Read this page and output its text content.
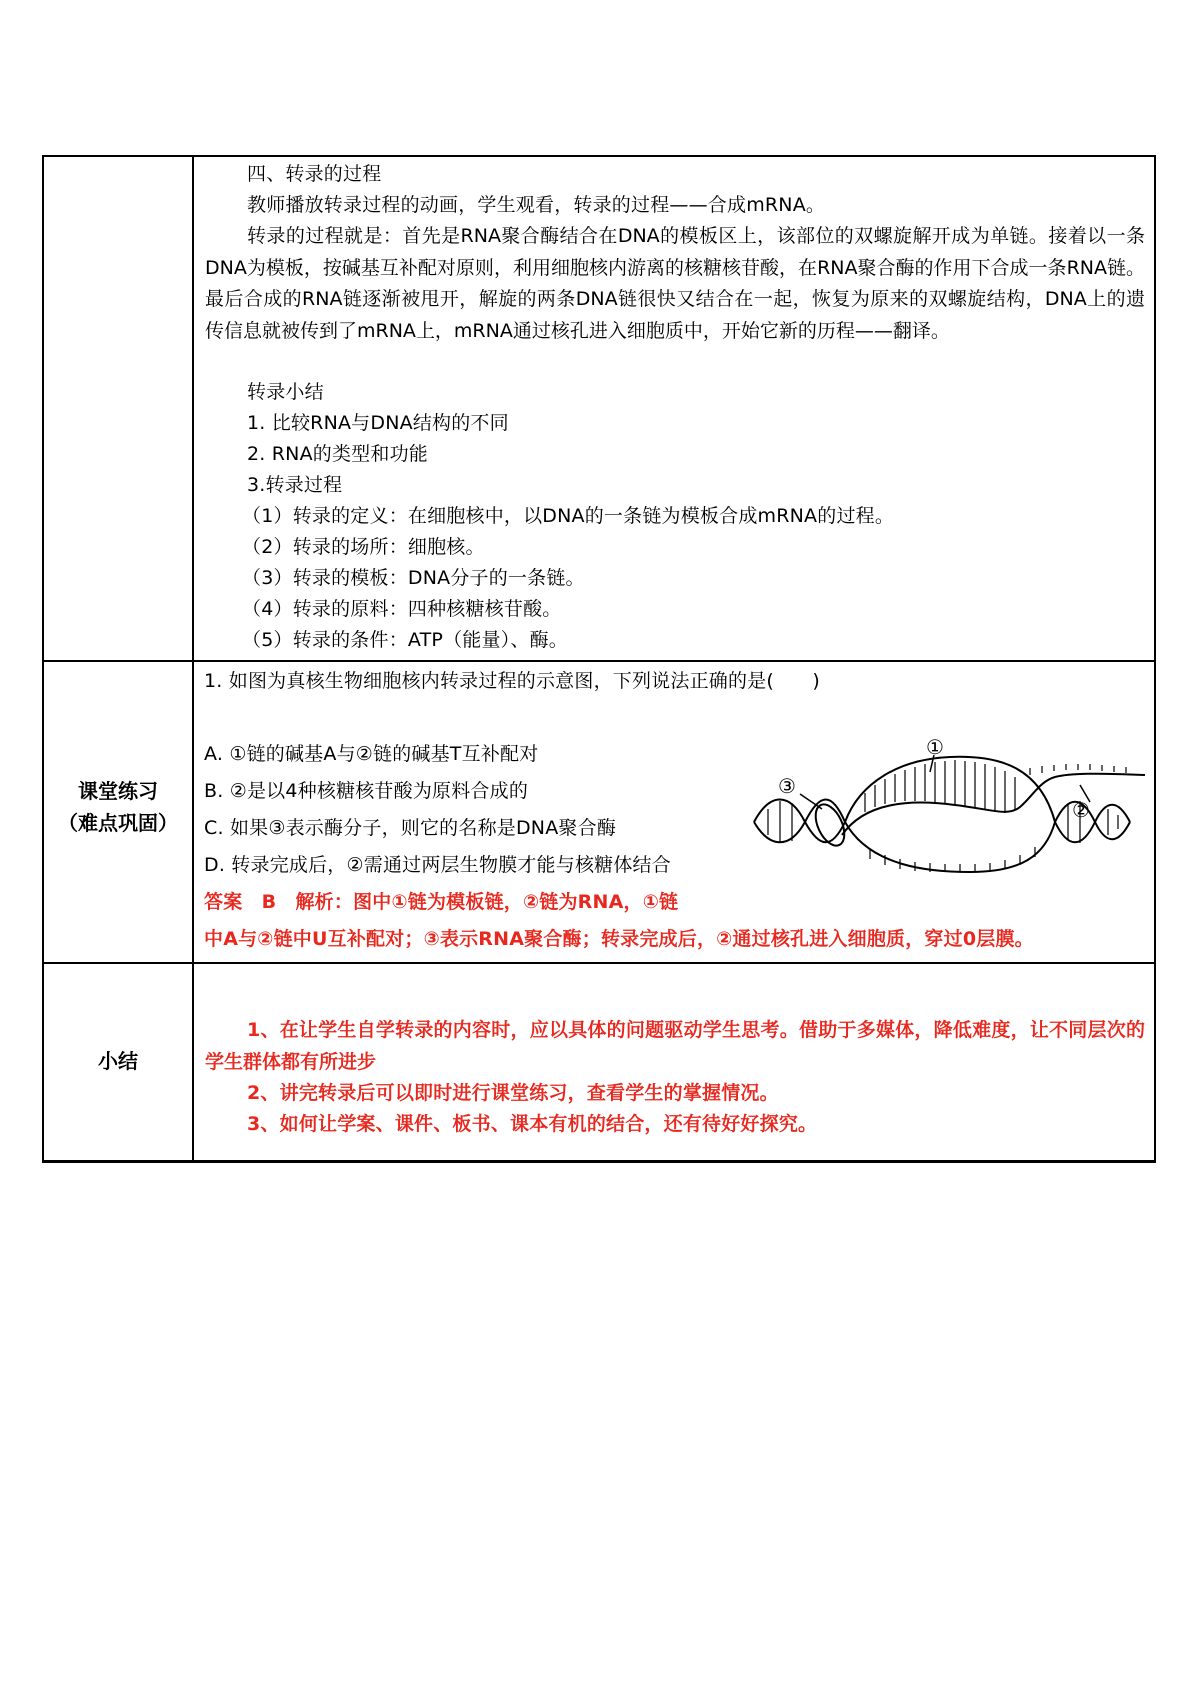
四、转录的过程
教师播放转录过程的动画，学生观看，转录的过程——合成mRNA。
转录的过程就是：首先是RNA聚合酶结合在DNA的模板区上，该部位的双螺旋解开成为单链。接着以一条DNA为模板，按碱基互补配对原则，利用细胞核内游离的核糖核苷酸，在RNA聚合酶的作用下合成一条RNA链。最后合成的RNA链逐渐被甩开，解旋的两条DNA链很快又结合在一起，恢复为原来的双螺旋结构，DNA上的遗传信息就被传到了mRNA上，mRNA通过核孔进入细胞质中，开始它新的历程——翻译。
转录小结
1. 比较RNA与DNA结构的不同
2. RNA的类型和功能
3.转录过程
（1）转录的定义：在细胞核中，以DNA的一条链为模板合成mRNA的过程。
（2）转录的场所：细胞核。
（3）转录的模板：DNA分子的一条链。
（4）转录的原料：四种核糖核苷酸。
（5）转录的条件：ATP（能量）、酶。
课堂练习
（难点巩固）
1. 如图为真核生物细胞核内转录过程的示意图，下列说法正确的是(　　)
A. ①链的碱基A与②链的碱基T互补配对
B. ②是以4种核糖核苷酸为原料合成的
C. 如果③表示酶分子，则它的名称是DNA聚合酶
D. 转录完成后，②需通过两层生物膜才能与核糖体结合
答案　B　解析：图中①链为模板链，②链为RNA，①链
中A与②链中U互补配对；③表示RNA聚合酶；转录完成后，②通过核孔进入细胞质，穿过0层膜。
①
③
②
小结
1、在让学生自学转录的内容时，应以具体的问题驱动学生思考。借助于多媒体，降低难度，让不同层次的学生群体都有所进步
2、讲完转录后可以即时进行课堂练习，查看学生的掌握情况。
3、如何让学案、课件、板书、课本有机的结合，还有待好好探究。
